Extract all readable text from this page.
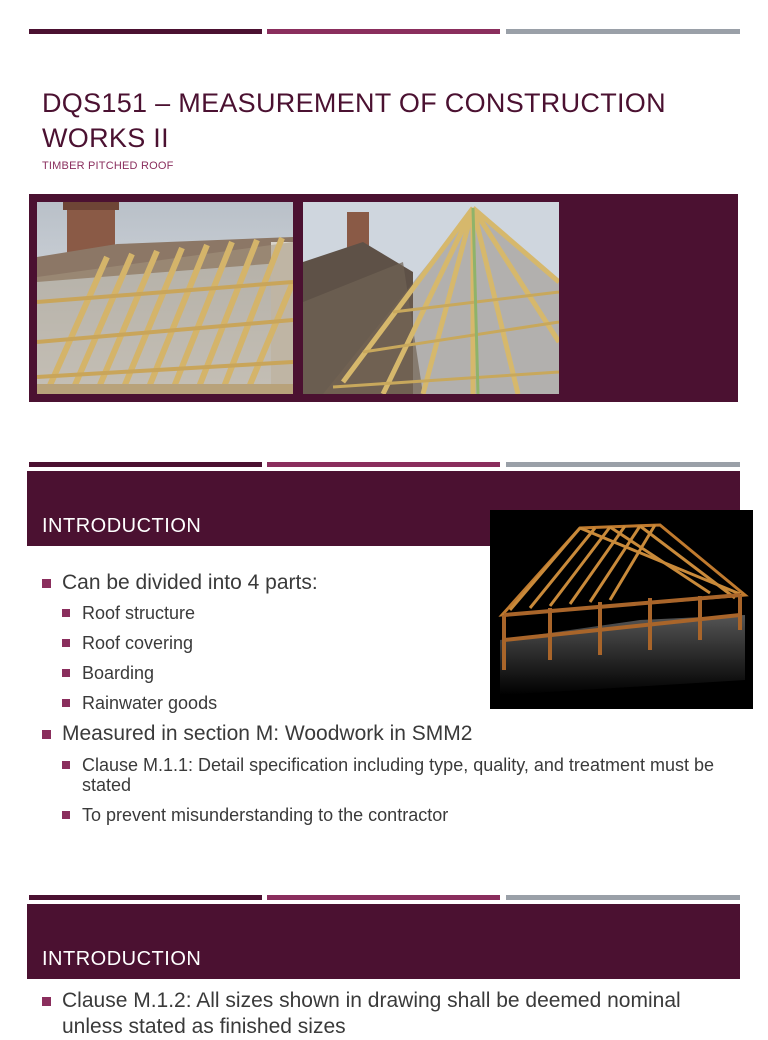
DQS151 – MEASUREMENT OF CONSTRUCTION WORKS II
TIMBER PITCHED ROOF
INTRODUCTION
Can be divided into 4 parts:
Roof structure
Roof covering
Boarding
Rainwater goods
Measured in section M: Woodwork in SMM2
Clause M.1.1: Detail specification including type, quality, and treatment must be stated
To prevent misunderstanding to the contractor
INTRODUCTION
Clause M.1.2: All sizes shown in drawing shall be deemed nominal unless stated as finished sizes
